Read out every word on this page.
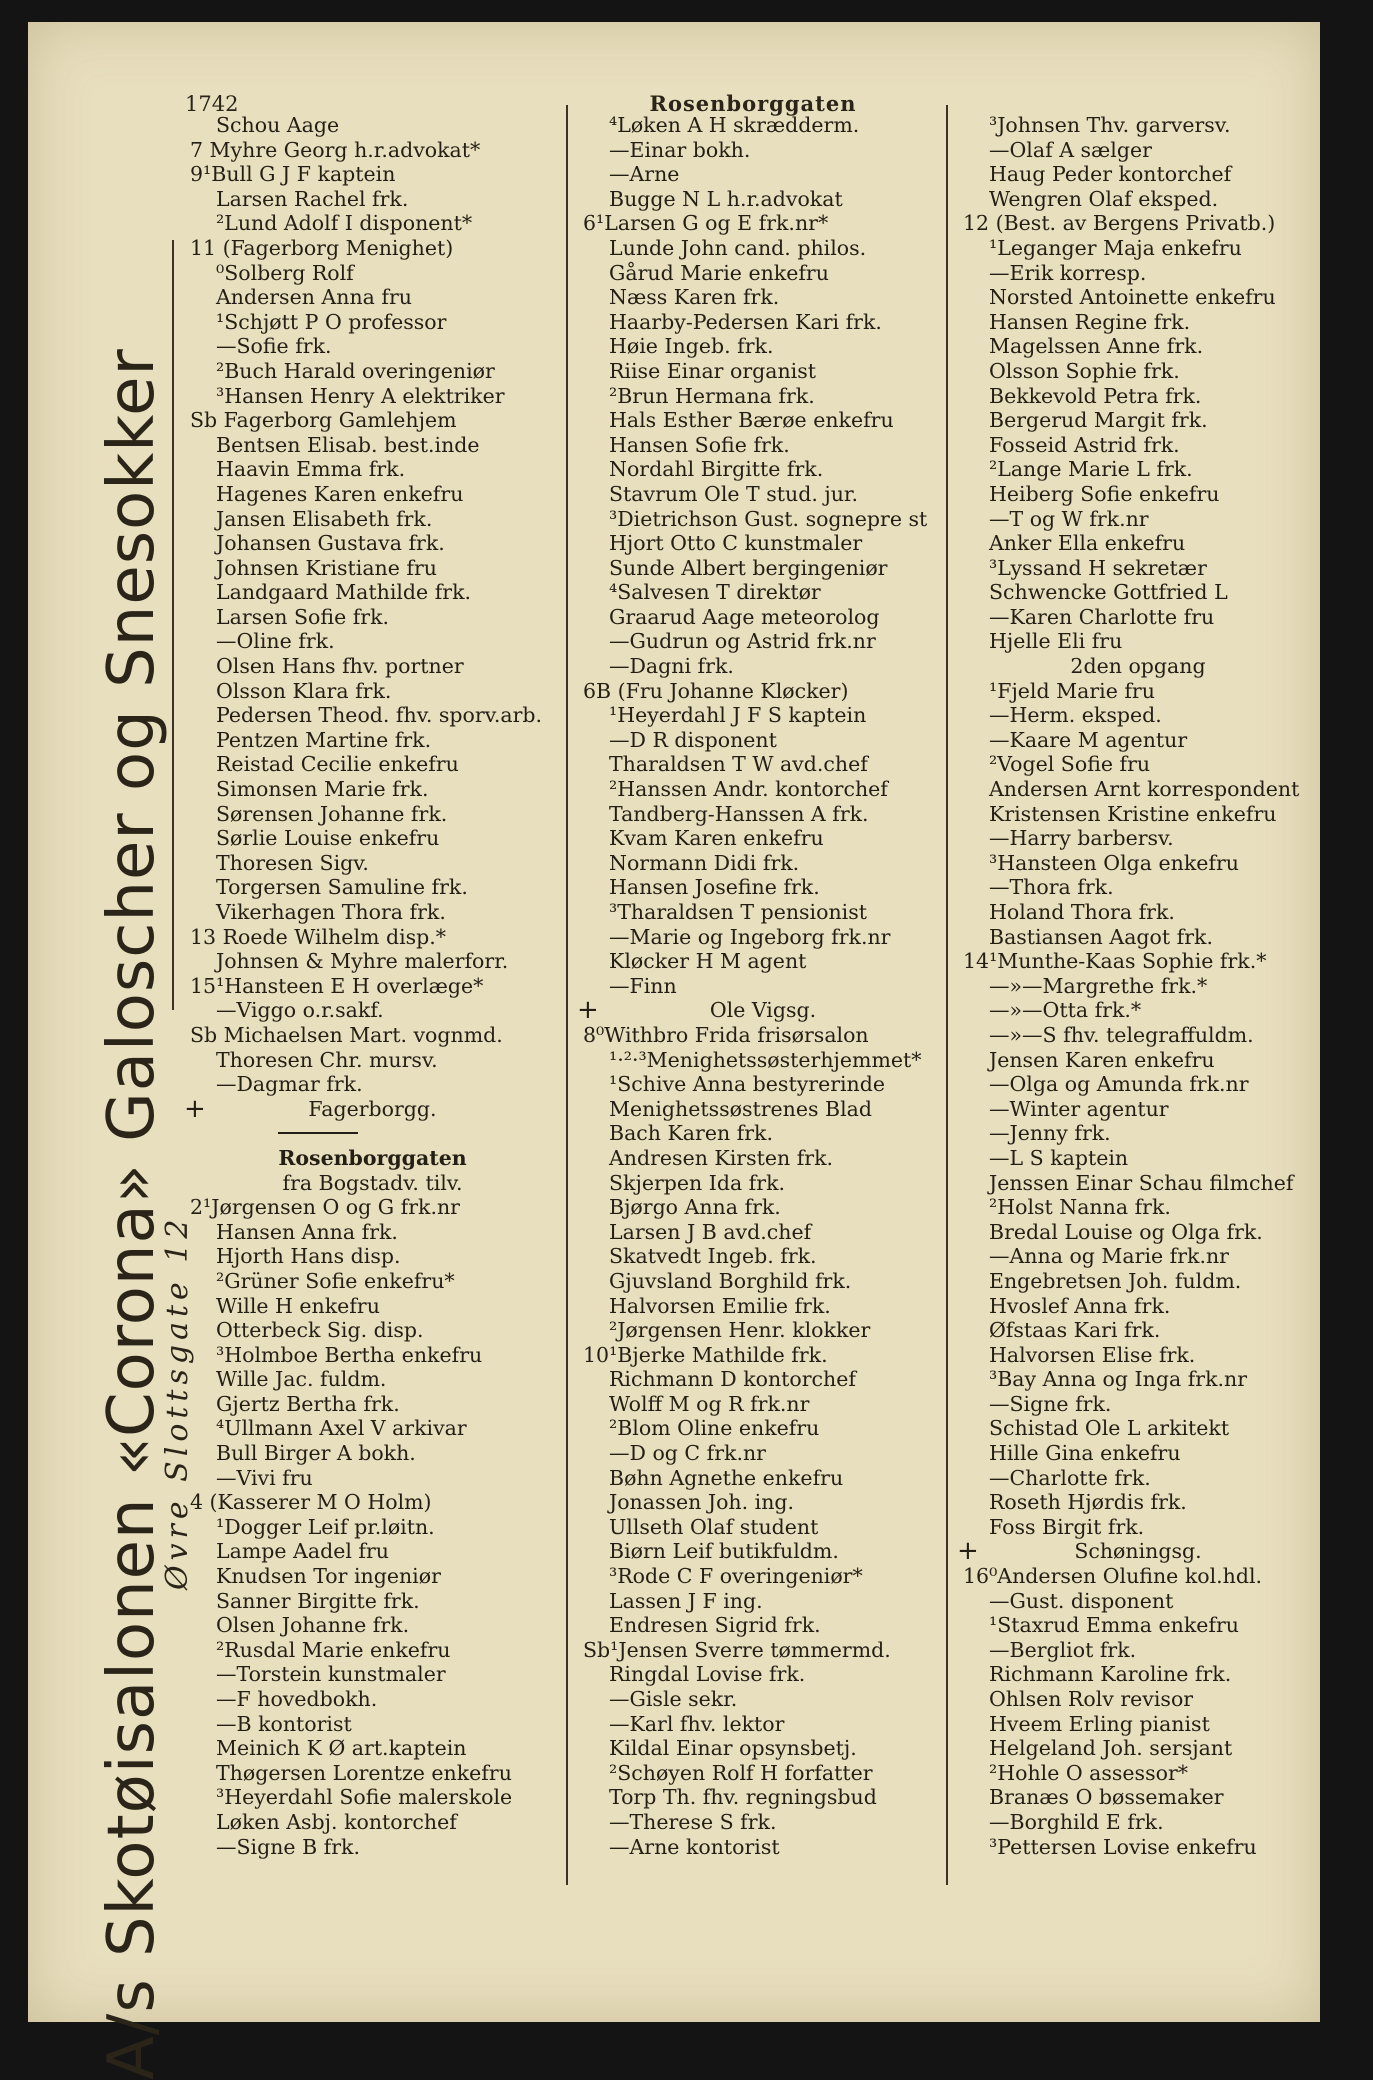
1742	Rosenborggaten
A/s Skotøisalonen «Corona» Galoscher og Snesokker
Øvre Slottsgate 12
Schou Aage
7 Myhre Georg h.r.advokat*
9¹Bull G J F kaptein
Larsen Rachel frk.
²Lund Adolf I disponent*
11 (Fagerborg Menighet)
⁰Solberg Rolf
Andersen Anna fru
¹Schjøtt P O professor
—Sofie frk.
²Buch Harald overingeniør
³Hansen Henry A elektriker
Sb Fagerborg Gamlehjem
Bentsen Elisab. best.inde
Haavin Emma frk.
Hagenes Karen enkefru
Jansen Elisabeth frk.
Johansen Gustava frk.
Johnsen Kristiane fru
Landgaard Mathilde frk.
Larsen Sofie frk.
—Oline frk.
Olsen Hans fhv. portner
Olsson Klara frk.
Pedersen Theod. fhv. sporv.arb.
Pentzen Martine frk.
Reistad Cecilie enkefru
Simonsen Marie frk.
Sørensen Johanne frk.
Sørlie Louise enkefru
Thoresen Sigv.
Torgersen Samuline frk.
Vikerhagen Thora frk.
13 Roede Wilhelm disp.*
Johnsen & Myhre malerforr.
15¹Hansteen E H overlæge*
—Viggo o.r.sakf.
Sb Michaelsen Mart. vognmd.
Thoresen Chr. mursv.
—Dagmar frk.
+	Fagerborgg.
Rosenborggaten
fra Bogstadv. tilv.
2¹Jørgensen O og G frk.nr
Hansen Anna frk.
Hjorth Hans disp.
²Grüner Sofie enkefru*
Wille H enkefru
Otterbeck Sig. disp.
³Holmboe Bertha enkefru
Wille Jac. fuldm.
Gjertz Bertha frk.
⁴Ullmann Axel V arkivar
Bull Birger A bokh.
—Vivi fru
4 (Kasserer M O Holm)
¹Dogger Leif pr.løitn.
Lampe Aadel fru
Knudsen Tor ingeniør
Sanner Birgitte frk.
Olsen Johanne frk.
²Rusdal Marie enkefru
—Torstein kunstmaler
—F hovedbokh.
—B kontorist
Meinich K Ø art.kaptein
Thøgersen Lorentze enkefru
³Heyerdahl Sofie malerskole
Løken Asbj. kontorchef
—Signe B frk.
⁴Løken A H skrædderm.
—Einar bokh.
—Arne
Bugge N L h.r.advokat
6¹Larsen G og E frk.nr*
Lunde John cand. philos.
Gårud Marie enkefru
Næss Karen frk.
Haarby-Pedersen Kari frk.
Høie Ingeb. frk.
Riise Einar organist
²Brun Hermana frk.
Hals Esther Bærøe enkefru
Hansen Sofie frk.
Nordahl Birgitte frk.
Stavrum Ole T stud. jur.
³Dietrichson Gust. sognepre st
Hjort Otto C kunstmaler
Sunde Albert bergingeniør
⁴Salvesen T direktør
Graarud Aage meteorolog
—Gudrun og Astrid frk.nr
—Dagni frk.
6B (Fru Johanne Kløcker)
¹Heyerdahl J F S kaptein
—D R disponent
Tharaldsen T W avd.chef
²Hanssen Andr. kontorchef
Tandberg-Hanssen A frk.
Kvam Karen enkefru
Normann Didi frk.
Hansen Josefine frk.
³Tharaldsen T pensionist
—Marie og Ingeborg frk.nr
Kløcker H M agent
—Finn
+	Ole Vigsg.
8⁰Withbro Frida frisørsalon
¹·²·³Menighetssøsterhjemmet*
¹Schive Anna bestyrerinde
Menighetssøstrenes Blad
Bach Karen frk.
Andresen Kirsten frk.
Skjerpen Ida frk.
Bjørgo Anna frk.
Larsen J B avd.chef
Skatvedt Ingeb. frk.
Gjuvsland Borghild frk.
Halvorsen Emilie frk.
²Jørgensen Henr. klokker
10¹Bjerke Mathilde frk.
Richmann D kontorchef
Wolff M og R frk.nr
²Blom Oline enkefru
—D og C frk.nr
Bøhn Agnethe enkefru
Jonassen Joh. ing.
Ullseth Olaf student
Biørn Leif butikfuldm.
³Rode C F overingeniør*
Lassen J F ing.
Endresen Sigrid frk.
Sb¹Jensen Sverre tømmermd.
Ringdal Lovise frk.
—Gisle sekr.
—Karl fhv. lektor
Kildal Einar opsynsbetj.
²Schøyen Rolf H forfatter
Torp Th. fhv. regningsbud
—Therese S frk.
—Arne kontorist
³Johnsen Thv. garversv.
—Olaf A sælger
Haug Peder kontorchef
Wengren Olaf eksped.
12 (Best. av Bergens Privatb.)
¹Leganger Maja enkefru
—Erik korresp.
Norsted Antoinette enkefru
Hansen Regine frk.
Magelssen Anne frk.
Olsson Sophie frk.
Bekkevold Petra frk.
Bergerud Margit frk.
Fosseid Astrid frk.
²Lange Marie L frk.
Heiberg Sofie enkefru
—T og W frk.nr
Anker Ella enkefru
³Lyssand H sekretær
Schwencke Gottfried L
—Karen Charlotte fru
Hjelle Eli fru
2den opgang
¹Fjeld Marie fru
—Herm. eksped.
—Kaare M agentur
²Vogel Sofie fru
Andersen Arnt korrespondent
Kristensen Kristine enkefru
—Harry barbersv.
³Hansteen Olga enkefru
—Thora frk.
Holand Thora frk.
Bastiansen Aagot frk.
14¹Munthe-Kaas Sophie frk.*
—»—Margrethe frk.*
—»—Otta frk.*
—»—S fhv. telegraffuldm.
Jensen Karen enkefru
—Olga og Amunda frk.nr
—Winter agentur
—Jenny frk.
—L S kaptein
Jenssen Einar Schau filmchef
²Holst Nanna frk.
Bredal Louise og Olga frk.
—Anna og Marie frk.nr
Engebretsen Joh. fuldm.
Hvoslef Anna frk.
Øfstaas Kari frk.
Halvorsen Elise frk.
³Bay Anna og Inga frk.nr
—Signe frk.
Schistad Ole L arkitekt
Hille Gina enkefru
—Charlotte frk.
Roseth Hjørdis frk.
Foss Birgit frk.
+	Schøningsg.
16⁰Andersen Olufine kol.hdl.
—Gust. disponent
¹Staxrud Emma enkefru
—Bergliot frk.
Richmann Karoline frk.
Ohlsen Rolv revisor
Hveem Erling pianist
Helgeland Joh. sersjant
²Hohle O assessor*
Branæs O bøssemaker
—Borghild E frk.
³Pettersen Lovise enkefru
